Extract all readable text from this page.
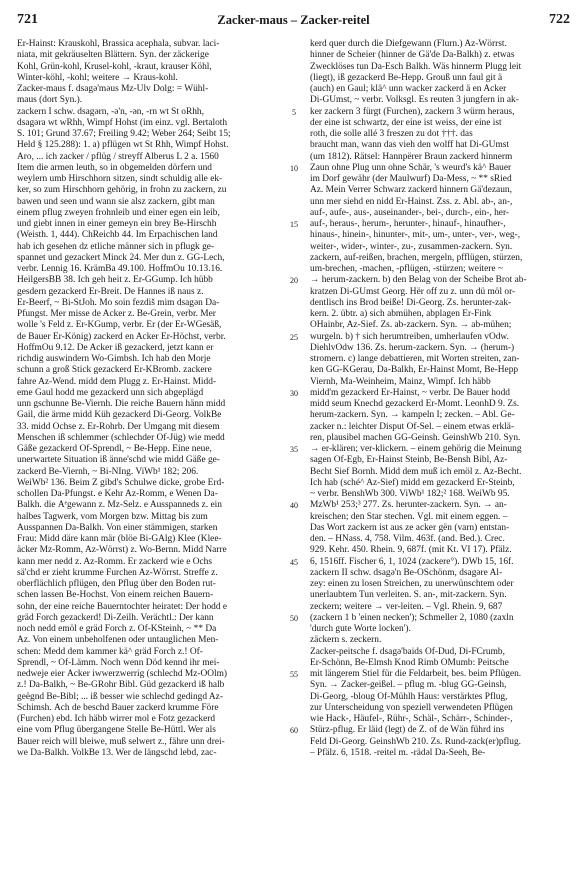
721	Zacker-maus – Zacker-reitel	722
Er-Hainst: Krauskohl, Brassica acephala, subvar. laci-
niata, mit gekräuselten Blättern. Syn. der zäckerige
Kohl, Grün-kohl, Krusel-kohl, -kraut, krauser Köhl,
Winter-köhl, -kohl; weitere → Kraus-kohl.
Zacker-maus f. dsagə'məus Mz-Ülv Dolg: = Wühl-
maus (dort Syn.).
zackern I schw. dsagərn, -ə'n, -ən, -rn wt St oRhh,
dsagəra wt wRhh, Wimpf Hohst (im einz. vgl. Bertaloth
S. 101; Grund 37.67; Freiling 9.42; Weber 264; Seibt 15;
Held § 125.288): 1. a) pflügen wt St Rhh, Wimpf Hohst.
Aro, ... ich zacker / pflüg / streyff Alberus L 2 a. 1560
Item die armen leuth, so in obgemelden dörfern und
weylern umb Hirschhorn sitzen, sindt schuldig alle ek-
ker, so zum Hirschhorn gehörig, in frohn zu zackern, zu
bawen und seen und wann sie alsz zackern, gibt man
einem pflug zweyen frohnleib und einer egen ein leib,
und giebt innen in einer gemeyn ein brey Be-Hirschh
(Weisth. 1, 444). ChReichb 44. Im Erpachischen land
hab ich gesehen dz etliche männer sich in pflugk ge-
spannet und gezackert Minck 24. Mer dun z. GG-Lech,
verbr. Lennig 16. KrämBa 49.100. HoffmOu 10.13.16.
HeilgersBB 38. Ich geh heit z. Er-GGump. Ich hübb
gesdern gezackerd Er-Breit. De Hannes iß naus z.
Er-Beerf, ~ Bi-StJoh. Mo soin fezdiš mim dsagən Da-
Pfungst. Mer misse de Acker z. Be-Grein, verbr. Mer
wolle 's Feld z. Er-KGump, verbr. Er (der Er-WGesäß,
de Bauer Er-König) zackerd en Acker Er-Höchst, verbr.
HoffmOu 9.12. De Acker iß gezackerd, jetzt kann er
richdig auswindern Wo-Gimbsh. Ich hab den Morje
schunn a groß Stick gezackerd Er-KBromb. zackere
fahre Az-Wend. midd dem Plugg z. Er-Hainst. Midd-
eme Gaul hodd me gezackerd unn sich abgeplägd
unn gschunne Be-Viernh. Die reiche Bauern hänn midd
Gail, die ärme midd Küh gezackerd Di-Georg. VolkBe
33. midd Ochse z. Er-Rohrb. Der Umgang mit diesem
Menschen iß schlemmer (schlechder Of-Jüg) wie medd
Gäße gezackerd Of-Sprendl, ~ Be-Hepp. Eine neue,
unerwartete Situation iß änne'schd wie midd Gäße ge-
zackerd Be-Viernh, ~ Bi-NIng. ViWb¹ 182; 206.
WeiWb² 136. Beim Z gibd's Schulwe dicke, grobe Erd-
schollen Da-Pfungst. e Kehr Az-Romm, e Wenen Da-
Balkh. die Äᵉgewann z. Mz-Selz. e Ausspanneds z. ein
halbes Tagwerk, vom Morgen bzw. Mittag bis zum
Ausspannen Da-Balkh. Von einer stämmigen, starken
Frau: Midd däre kann mär (blöe Bi-GAlg) Klee (Klee-
äcker Mz-Romm, Az-Wörrst) z. Wo-Bernn. Midd Narre
kann mer nedd z. Az-Romm. Er zackerd wie e Ochs
sä'chd er zieht krumme Furchen Az-Wörrst. Streffe z.
oberflächlich pflügen, den Pflug über den Boden rut-
schen lassen Be-Hochst. Von einem reichen Bauern-
sohn, der eine reiche Bauerntochter heiratet: Der hodd e
gräd Forch gezackerd! Di-Zeilh. Verächtl.: Der kann
noch nedd emöl e gräd Forch z. Of-KSteinh, ~ ** Da
Az. Von einem unbeholfenen oder untauglichen Men-
schen: Medd dem kammer kä^ gräd Forch z.! Of-
Sprendl, ~ Of-Lämm. Noch wenn Död kennd ihr mei-
nedweje eier Äcker iwwerzwerrig (schlechd Mz-OOlm)
z.! Da-Balkh, ~ Be-GRohr Bibl. Güd gezackerd iß halb
geëgnd Be-Bibl; ... iß besser wie schlechd gedingd Az-
Schimsh. Äch de beschd Bauer zackerd krumme Före
(Furchen) ebd. Ich häbb wirrer mol e Fotz gezackerd
eine vom Pflug übergangene Stelle Be-Hüttl. Wer als
Bauer reich will bleiwe, muß selwert z., fähre unn drei-
we Da-Balkh. VolkBe 13. Wer de längschd lebd, zac-
5
10
15
20
25
30
35
40
45
50
55
60
kerd quer durch die Diefgewann (Flurn.) Az-Wörrst.
hinner de Scheier (hinner de Gä'de Da-Balkh) z. etwas
Zwecklöses tun Da-Esch Balkh. Wäs hinnerm Plugg leit
(liegt), iß gezackerd Be-Hepp. Grouß unn faul git ä
(auch) en Gaul; klä^ unn wacker zackerd ä en Acker
Di-GUmst, ~ verbr. Volksgl. Es reuten 3 jungfern in ak-
ker zackern 3 fürgt (Furchen), zackern 3 würm heraus,
der eine ist schwartz, der eine ist weiss, der eine ist
roth, die solle allé 3 freszen zu dot †††. das
braucht man, wann das vieh den wolff hat Di-GUmst
(um 1812). Rätsel: Hannpërer Braun zackerd hinnerm
Zaun ohne Plug unn ohne Schär, 's weurd's kä^ Bauer
im Dorf gewähr (der Maulwurf) Da-Mess, ~ ** sRied
Az. Mein Verrer Schwarz zackerd hinnern Gä'dezaun,
unn mer siehd en nidd Er-Hainst. Zss. z. Abl. ab-, an-,
auf-, aufe-, aus-, auseinander-, bei-, durch-, ein-, her-
auf-, heraus-, herum-, herunter-, hinauf-, hinaufher-,
hinaus-, hinein-, hinunter-, mit-, um-, unter-, ver-, weg-,
weiter-, wider-, winter-, zu-, zusammen-zackern. Syn.
zackern, auf-reißen, brachen, mergeln, pfflügen, stürzen,
um-brechen, -machen, -pflügen, -stürzen; weitere ~
→ herum-zackern. b) den Belag von der Scheibe Brot ab-
kratzen Di-GUmst Georg. Hër off zu z. unn dü möl or-
dentlisch ins Brod beiße! Di-Georg. Zs. herunter-zak-
kern. 2. übtr. a) sich abmühen, abplagen Er-Fink
OHainbr, Az-Sief. Zs. ab-zackern. Syn. → ab-mühen;
wurgeln. b) † sich herumtreiben, umherlaufen vOdw.
DiehlvOdw 136. Zs. herum-zackern. Syn. → (herum-)
stromern. c) lange debattieren, mit Worten streiten, zan-
ken GG-KGerau, Da-Balkh, Er-Hainst Momt, Be-Hepp
Viernh, Ma-Weinheim, Mainz, Wimpf. Ich häbb
midd'm gezackerd Er-Hainst, ~ verbr. De Bauer hodd
midd seum Knechd gezackerd Er-Momt. LeonhD 9. Zs.
herum-zackern. Syn. → kampeln I; zecken. – Abl. Ge-
zacker n.: leichter Disput Of-Sel. – einem etwas erklä-
ren, plausibel machen GG-Geinsh. GeinshWb 210. Syn.
→ er-klären; ver-klickern. – einem gehörig die Meinung
sagen Of-Egb, Er-Hainst Steinb, Be-Bensh Bibl, Az-
Becht Sief Bornh. Midd dem muß ich emöl z. Az-Becht.
Ich hab (sché^ Az-Sief) midd em gezackerd Er-Steinb,
~ verbr. BenshWb 300. ViWb¹ 182;² 168. WeiWb 95.
MzWb¹ 253;³ 277. Zs. herunter-zackern. Syn. → an-
kreischen; den Star stechen. Vgl. mit einem eggen. –
Das Wort zackern ist aus ze acker gën (varn) entstan-
den. – HNass. 4, 758. Vilm. 463f. (and. Bed.). Crec.
929. Kehr. 450. Rhein. 9, 687f. (mit Kt. VI 17). Pfälz.
6, 1516ff. Fischer 6, 1, 1024 (zackere°). DWb 15, 16f.
zackern II schw. dsagə'n Be-OSchönm, dsagəre Al-
zey: einen zu losen Streichen, zu unerwünschtem oder
unerlaubtem Tun verleiten. S. an-, mit-zackern. Syn.
zeckern; weitere → ver-leiten. – Vgl. Rhein. 9, 687
(zackern 1 b 'einen necken'); Schmeller 2, 1080 (zaxln
'durch gute Worte locken').
zäckern s. zeckern.
Zacker-peitsche f. dsagə'baids Of-Dud, Di-FCrumb,
Er-Schönn, Be-Elmsh Knod Rimb OMumb: Peitsche
mit längerem Stiel für die Feldarbeit, bes. beim Pflügen.
Syn. → Zacker-geißel. – pflug m. -blug GG-Geinsh,
Di-Georg, -bloug Of-Mühlh Haus: verstärktes Pflug,
zur Unterscheidung von speziell verwendeten Pflügen
wie Hack-, Häufel-, Rühr-, Schäl-, Schärr-, Schinder-,
Stürz-pflug. Er läid (legt) de Z. of de Wän führd ins
Feld Di-Georg. GeinshWb 210. Zs. Rund-zack(er)pflug.
– Pfälz. 6, 1518. -reitel m. -rädəl Da-Seeh, Be-
